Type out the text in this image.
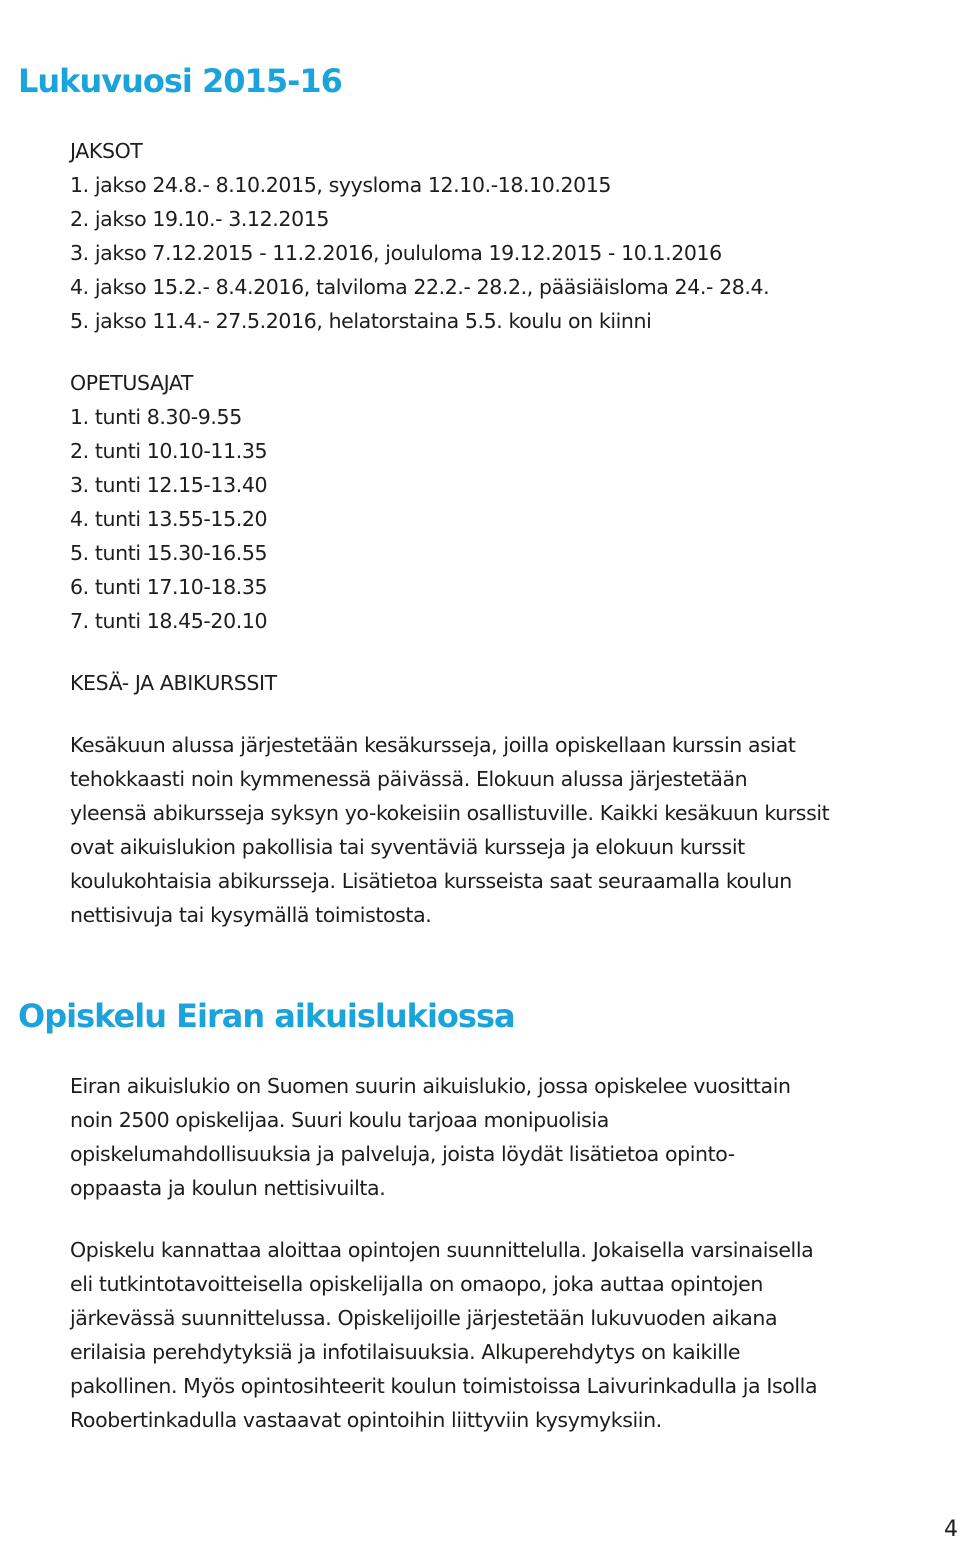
Lukuvuosi 2015-16
JAKSOT
1. jakso 24.8.- 8.10.2015, syysloma 12.10.-18.10.2015
2. jakso 19.10.- 3.12.2015
3. jakso 7.12.2015 - 11.2.2016, joululoma 19.12.2015 - 10.1.2016
4. jakso 15.2.- 8.4.2016, talviloma 22.2.- 28.2., pääsiäisloma 24.- 28.4.
5. jakso 11.4.- 27.5.2016, helatorstaina 5.5. koulu on kiinni
OPETUSAJAT
1. tunti 8.30-9.55
2. tunti 10.10-11.35
3. tunti 12.15-13.40
4. tunti 13.55-15.20
5. tunti 15.30-16.55
6. tunti 17.10-18.35
7. tunti 18.45-20.10
KESÄ- JA ABIKURSSIT
Kesäkuun alussa järjestetään kesäkursseja, joilla opiskellaan kurssin asiat
tehokkaasti noin kymmenessä päivässä. Elokuun alussa järjestetään
yleensä abikursseja syksyn yo-kokeisiin osallistuville. Kaikki kesäkuun kurssit
ovat aikuislukion pakollisia tai syventäviä kursseja ja elokuun kurssit
koulukohtaisia abikursseja. Lisätietoa kursseista saat seuraamalla koulun
nettisivuja tai kysymällä toimistosta.
Opiskelu Eiran aikuislukiossa
Eiran aikuislukio on Suomen suurin aikuislukio, jossa opiskelee vuosittain
noin 2500 opiskelijaa. Suuri koulu tarjoaa monipuolisia
opiskelumahdollisuuksia ja palveluja, joista löydät lisätietoa opinto-
oppaasta ja koulun nettisivuilta.
Opiskelu kannattaa aloittaa opintojen suunnittelulla. Jokaisella varsinaisella
eli tutkintotavoitteisella opiskelijalla on omaopo, joka auttaa opintojen
järkevässä suunnittelussa. Opiskelijoille järjestetään lukuvuoden aikana
erilaisia perehdytyksiä ja infotilaisuuksia. Alkuperehdytys on kaikille
pakollinen. Myös opintosihteerit koulun toimistoissa Laivurinkadulla ja Isolla
Roobertinkadulla vastaavat opintoihin liittyviin kysymyksiin.
4
